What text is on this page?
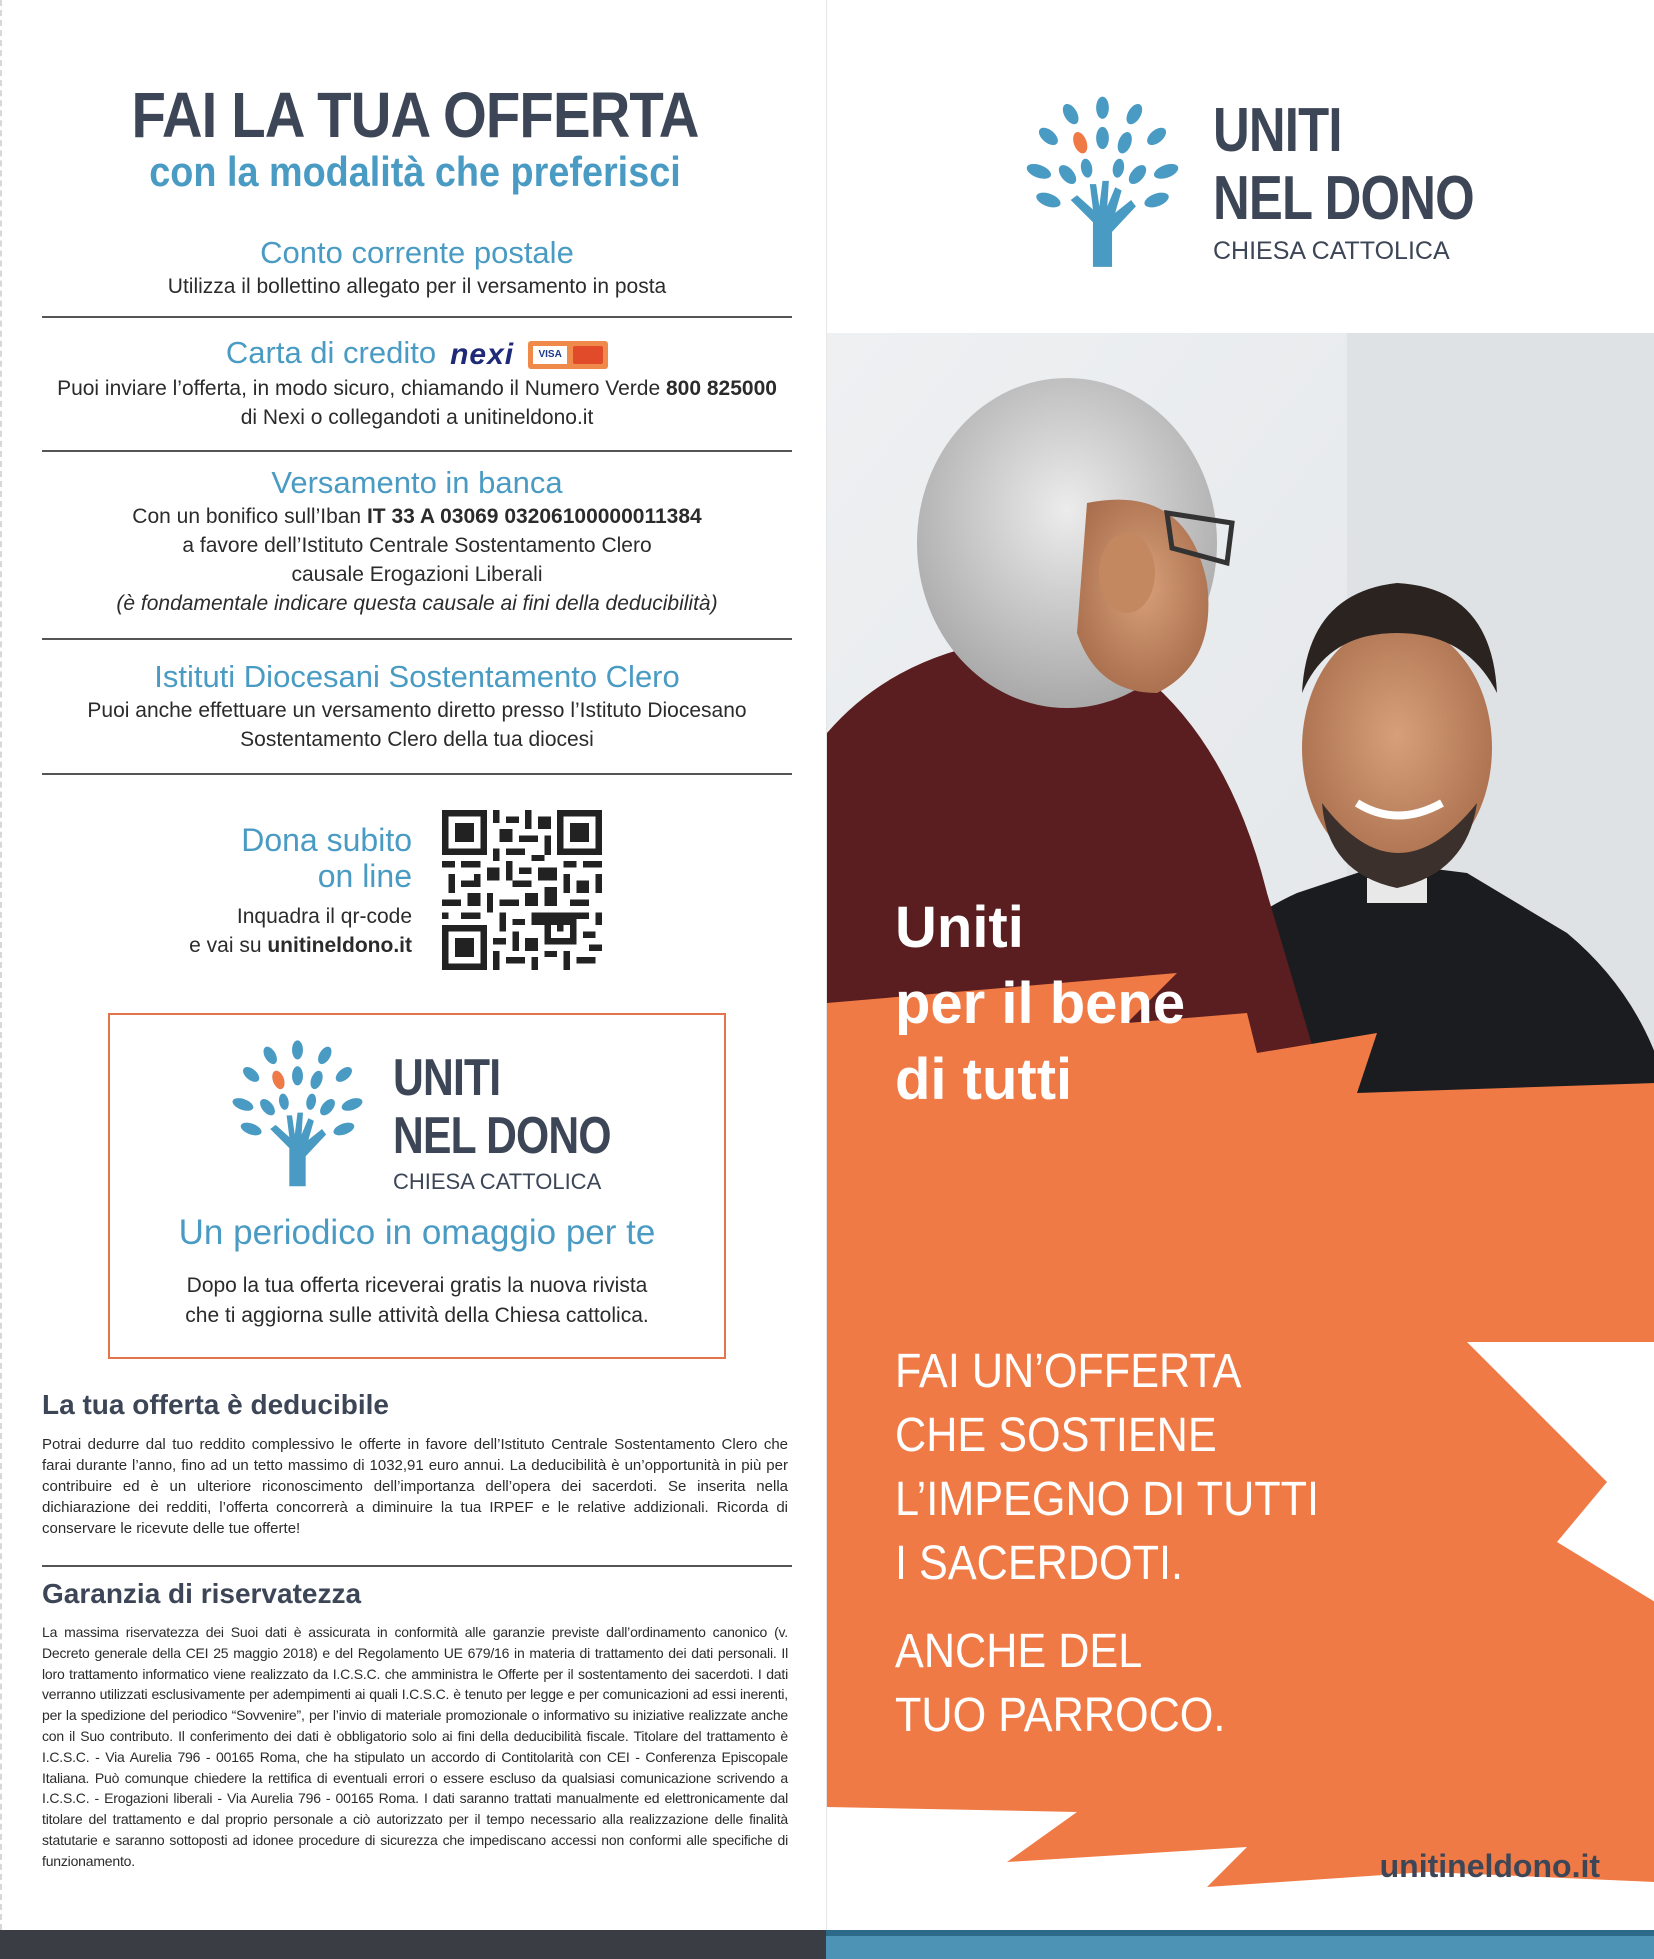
FAI LA TUA OFFERTA
con la modalità che preferisci
Conto corrente postale
Utilizza il bollettino allegato per il versamento in posta
Carta di credito nexi	VISA
Puoi inviare l’offerta, in modo sicuro, chiamando il Numero Verde 800 825000
di Nexi o collegandoti a unitineldono.it
Versamento in banca
Con un bonifico sull’Iban IT 33 A 03069 03206100000011384
a favore dell’Istituto Centrale Sostentamento Clero
causale Erogazioni Liberali
(è fondamentale indicare questa causale ai fini della deducibilità)
Istituti Diocesani Sostentamento Clero
Puoi anche effettuare un versamento diretto presso l’Istituto Diocesano
Sostentamento Clero della tua diocesi
Dona subito
on line
Inquadra il qr-code
e vai su unitineldono.it
UNITI
NEL DONO
CHIESA CATTOLICA
Un periodico in omaggio per te
Dopo la tua offerta riceverai gratis la nuova rivista
che ti aggiorna sulle attività della Chiesa cattolica.
La tua offerta è deducibile
Potrai dedurre dal tuo reddito complessivo le offerte in favore dell’Istituto Centrale Sostentamento Clero che farai durante l’anno, fino ad un tetto massimo di 1032,91 euro annui. La deducibilità è un’opportunità in più per contribuire ed è un ulteriore riconoscimento dell’importanza dell’opera dei sacerdoti. Se inserita nella dichiarazione dei redditi, l’offerta concorrerà a diminuire la tua IRPEF e le relative addizionali. Ricorda di conservare le ricevute delle tue offerte!
Garanzia di riservatezza
La massima riservatezza dei Suoi dati è assicurata in conformità alle garanzie previste dall’ordinamento canonico (v. Decreto generale della CEI 25 maggio 2018) e del Regolamento UE 679/16 in materia di trattamento dei dati personali. Il loro trattamento informatico viene realizzato da I.C.S.C. che amministra le Offerte per il sostentamento dei sacerdoti. I dati verranno utilizzati esclusivamente per adempimenti ai quali I.C.S.C. è tenuto per legge e per comunicazioni ad essi inerenti, per la spedizione del periodico “Sovvenire”, per l’invio di materiale promozionale o informativo su iniziative realizzate anche con il Suo contributo. Il conferimento dei dati è obbligatorio solo ai fini della deducibilità fiscale. Titolare del trattamento è I.C.S.C. - Via Aurelia 796 - 00165 Roma, che ha stipulato un accordo di Contitolarità con CEI - Conferenza Episcopale Italiana. Può comunque chiedere la rettifica di eventuali errori o essere escluso da qualsiasi comunicazione scrivendo a I.C.S.C. - Erogazioni liberali - Via Aurelia 796 - 00165 Roma. I dati saranno trattati manualmente ed elettronicamente dal titolare del trattamento e dal proprio personale a ciò autorizzato per il tempo necessario alla realizzazione delle finalità statutarie e saranno sottoposti ad idonee procedure di sicurezza che impediscano accessi non conformi alle specifiche di funzionamento.
UNITI
NEL DONO
CHIESA CATTOLICA
Uniti
per il bene
di tutti
FAI UN’OFFERTA
CHE SOSTIENE
L’IMPEGNO DI TUTTI
I SACERDOTI.
ANCHE DEL
TUO PARROCO.
unitineldono.it
